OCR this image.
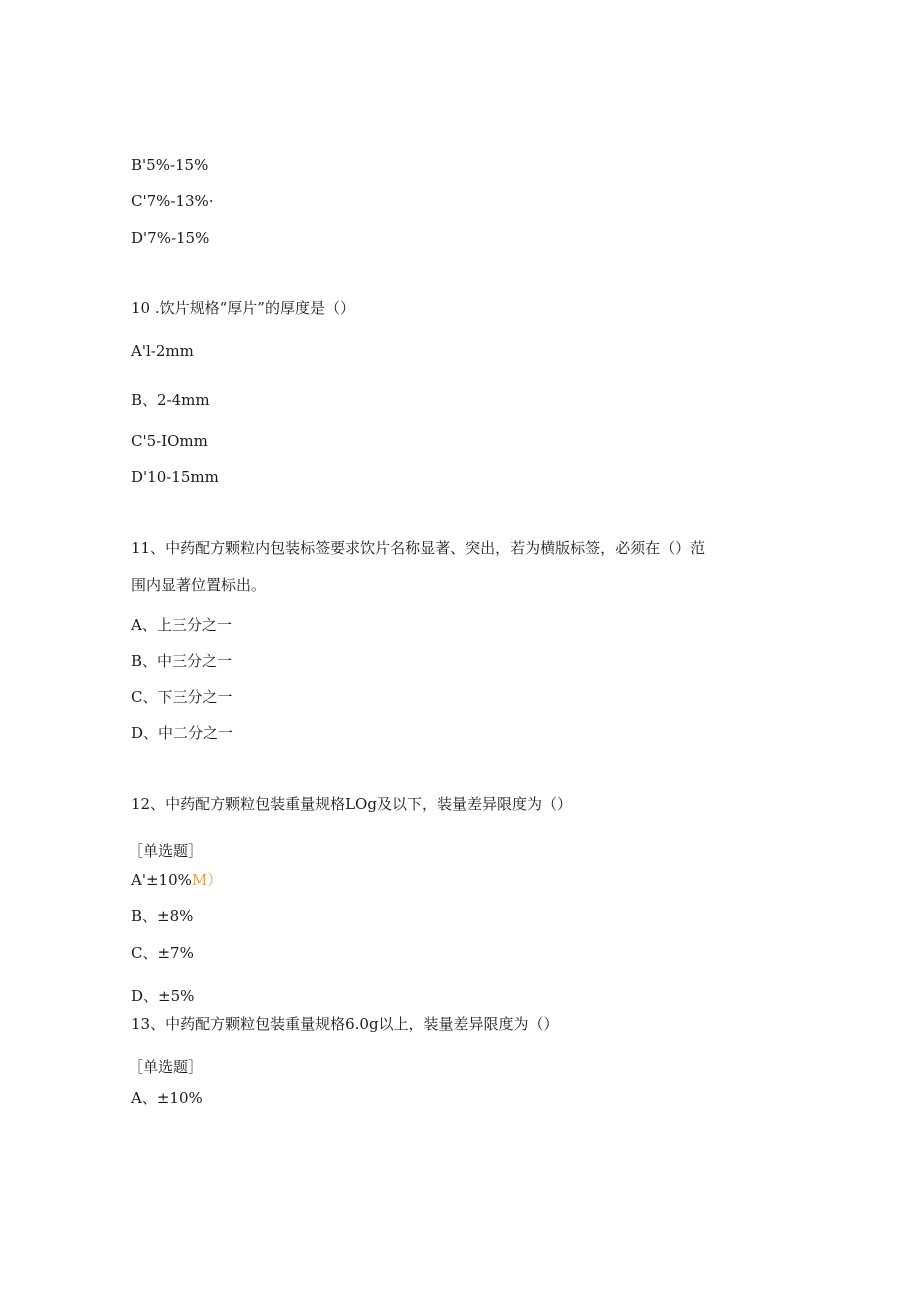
B'5%-15%
C'7%-13%·
D'7%-15%
10 .饮片规格“厚片”的厚度是（）
A'l-2mm
B、2-4mm
C'5-IOmm
D'10-15mm
11、中药配方颗粒内包装标签要求饮片名称显著、突出，若为横版标签，必须在（）范
围内显著位置标出。
A、上三分之一
B、中三分之一
C、下三分之一
D、中二分之一
12、中药配方颗粒包装重量规格LOg及以下，装量差异限度为（）
［单选题］
A'±10%M）
B、±8%
C、±7%
D、±5%
13、中药配方颗粒包装重量规格6.0g以上，装量差异限度为（）
［单选题］
A、±10%
